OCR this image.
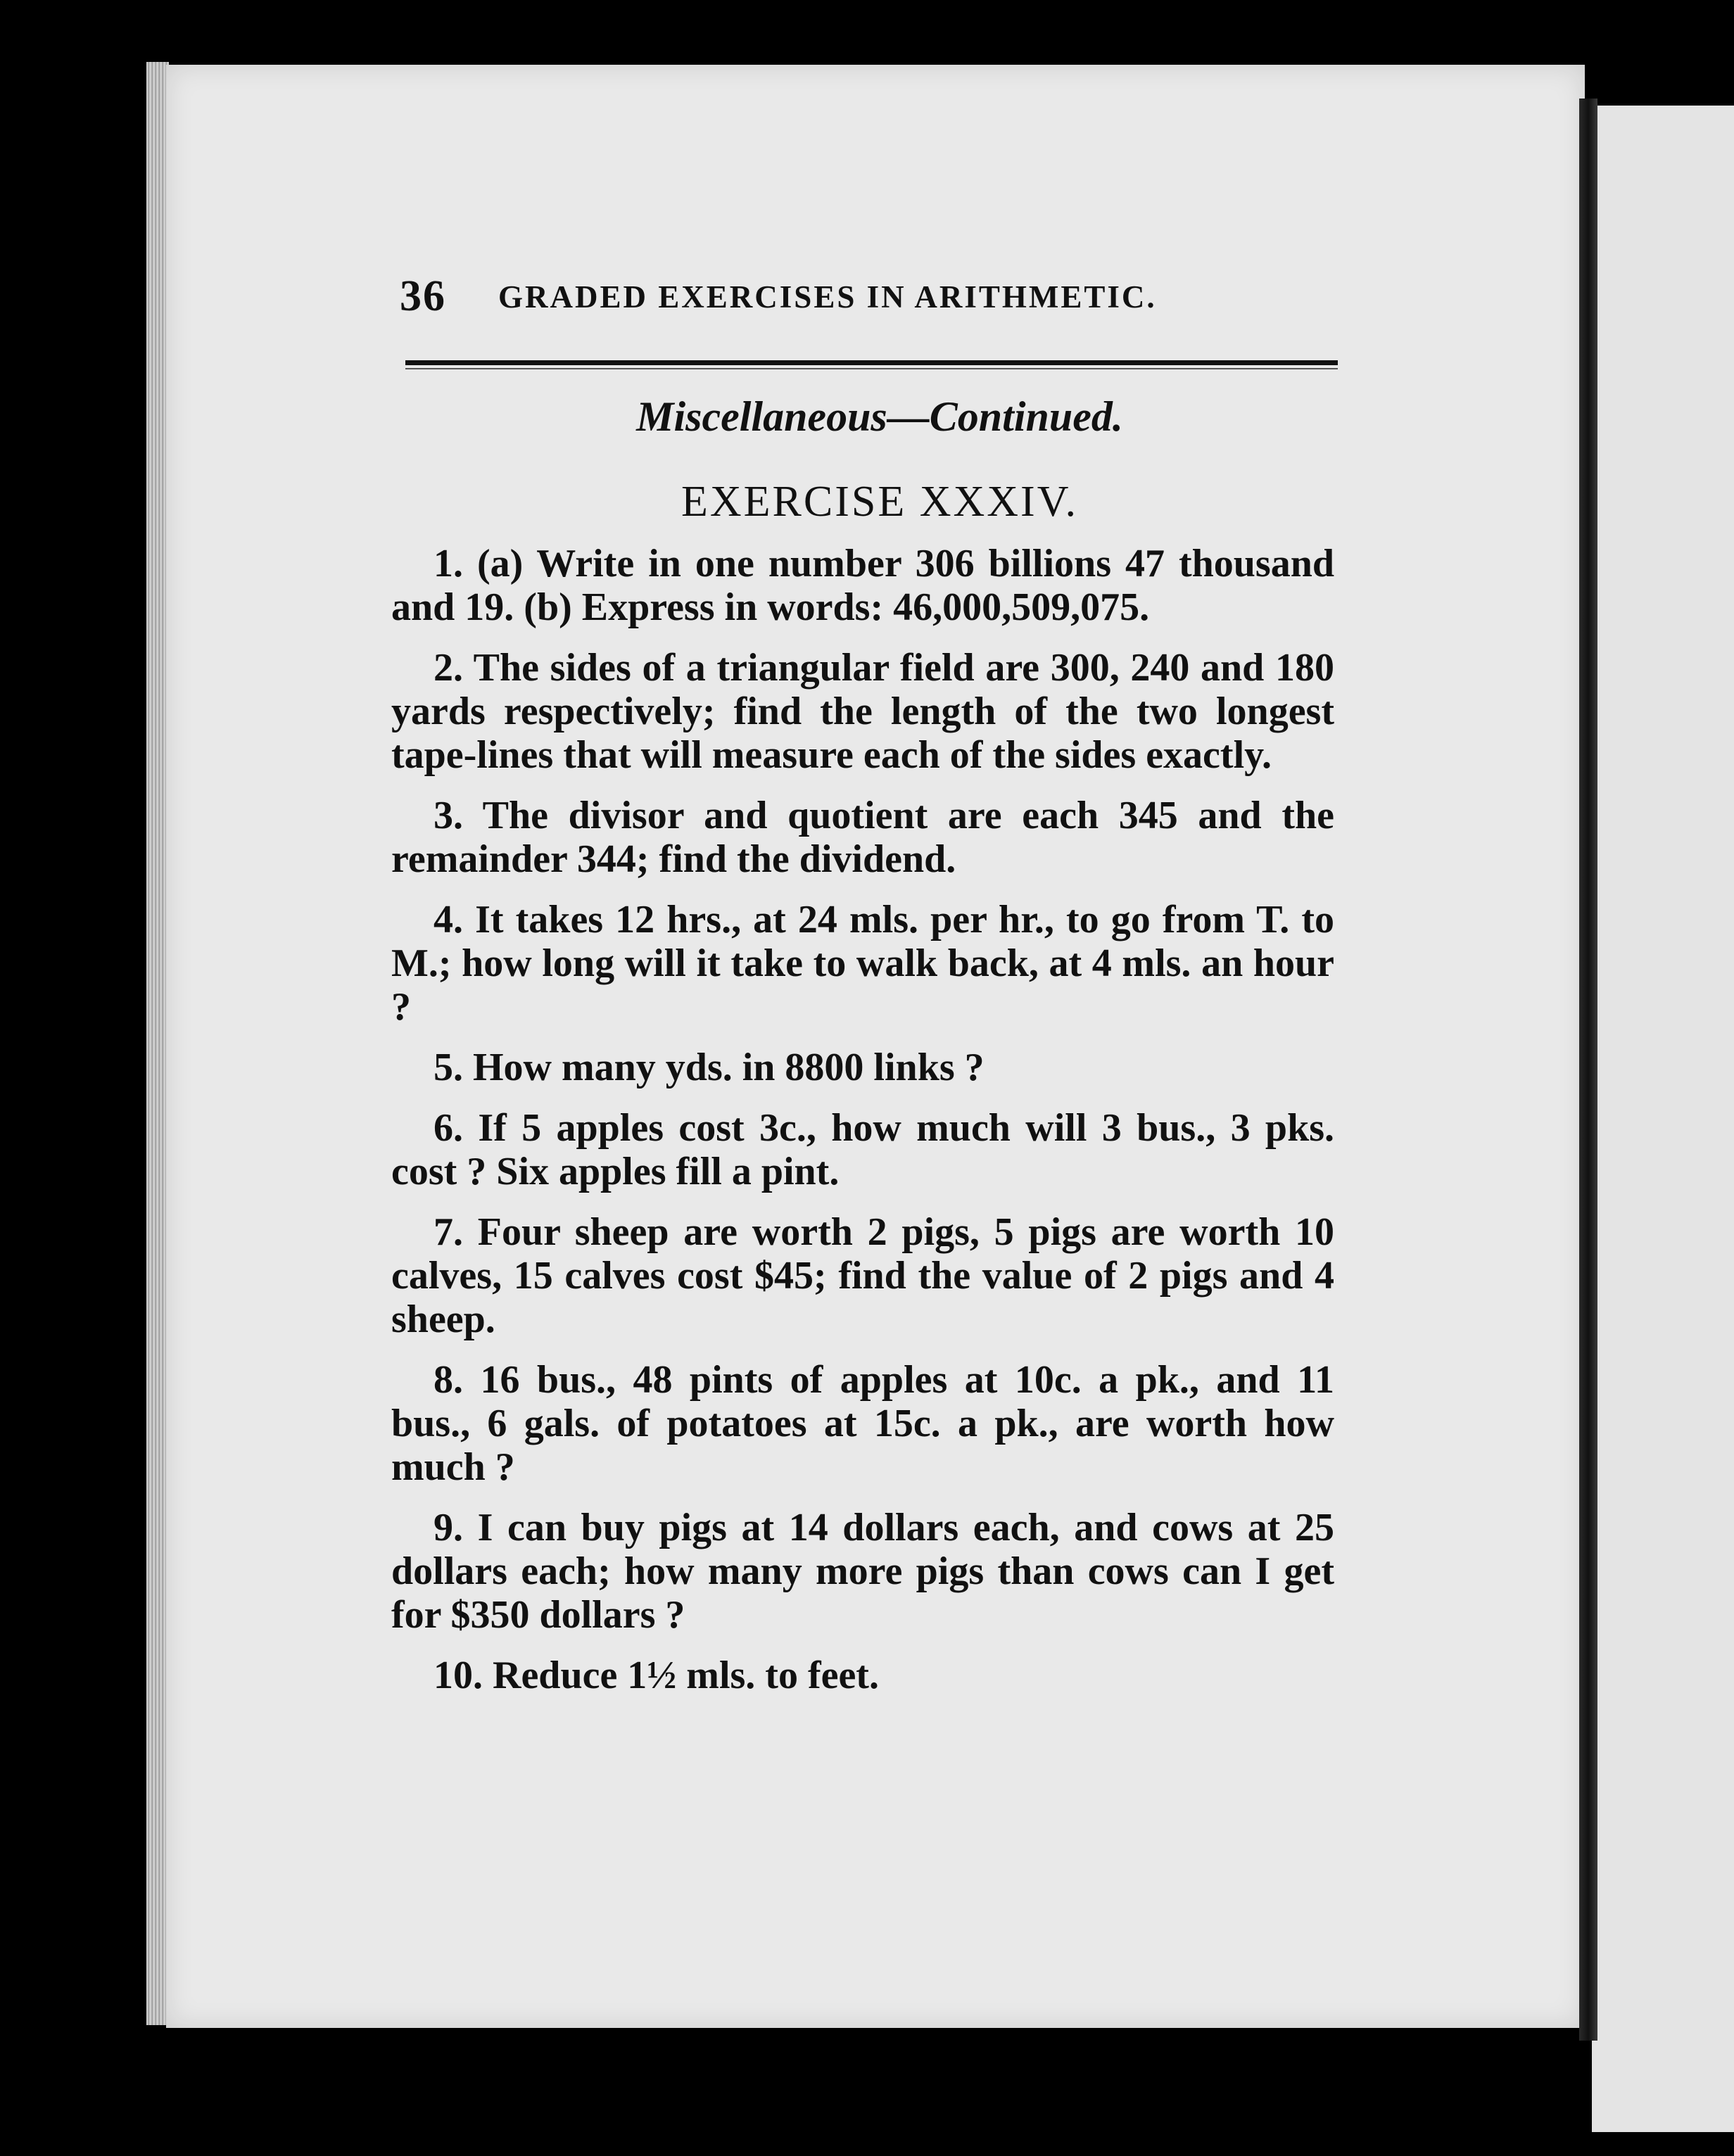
36 GRADED EXERCISES IN ARITHMETIC.
Miscellaneous—Continued.
EXERCISE XXXIV.
1. (a) Write in one number 306 billions 47 thousand and 19. (b) Express in words: 46,000,509,075.
2. The sides of a triangular field are 300, 240 and 180 yards respectively; find the length of the two longest tape-lines that will measure each of the sides exactly.
3. The divisor and quotient are each 345 and the remainder 344; find the dividend.
4. It takes 12 hrs., at 24 mls. per hr., to go from T. to M.; how long will it take to walk back, at 4 mls. an hour ?
5. How many yds. in 8800 links ?
6. If 5 apples cost 3c., how much will 3 bus., 3 pks. cost ? Six apples fill a pint.
7. Four sheep are worth 2 pigs, 5 pigs are worth 10 calves, 15 calves cost $45; find the value of 2 pigs and 4 sheep.
8. 16 bus., 48 pints of apples at 10c. a pk., and 11 bus., 6 gals. of potatoes at 15c. a pk., are worth how much ?
9. I can buy pigs at 14 dollars each, and cows at 25 dollars each; how many more pigs than cows can I get for $350 dollars ?
10. Reduce 1½ mls. to feet.
